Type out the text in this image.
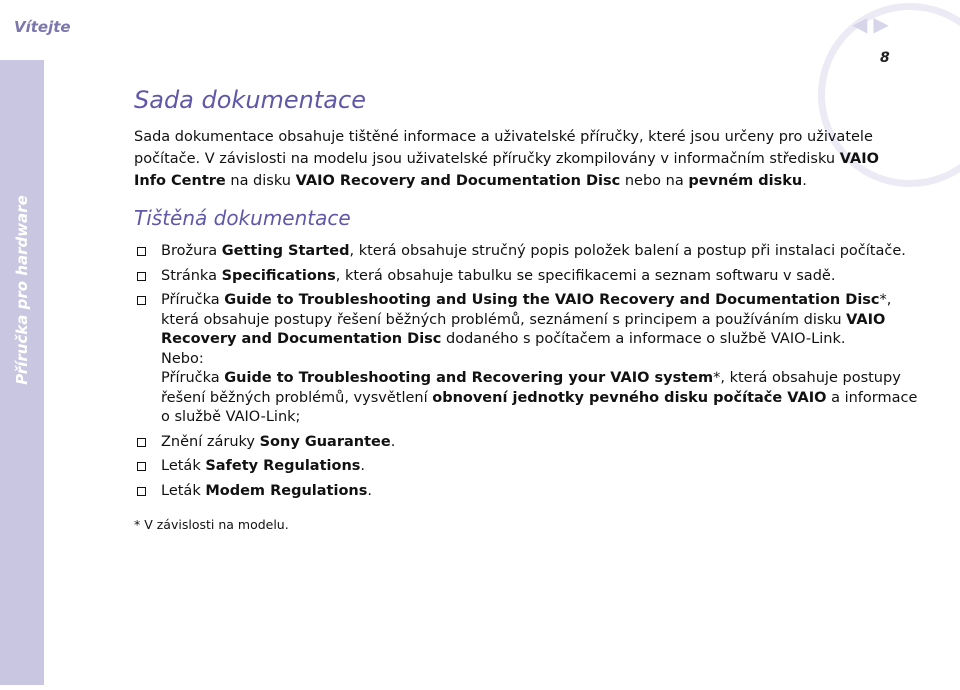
Vítejte
Příručka pro hardware
◀ ▶
8
Sada dokumentace

Sada dokumentace obsahuje tištěné informace a uživatelské příručky, které jsou určeny pro uživatele počítače. V závislosti na modelu jsou uživatelské příručky zkompilovány v informačním středisku VAIO Info Centre na disku VAIO Recovery and Documentation Disc nebo na pevném disku.

Tištěná dokumentace
Brožura Getting Started, která obsahuje stručný popis položek balení a postup při instalaci počítače.
Stránka Specifications, která obsahuje tabulku se specifikacemi a seznam softwaru v sadě.
Příručka Guide to Troubleshooting and Using the VAIO Recovery and Documentation Disc*, která obsahuje postupy řešení běžných problémů, seznámení s principem a používáním disku VAIO Recovery and Documentation Disc dodaného s počítačem a informace o službě VAIO-Link.
Nebo:
Příručka Guide to Troubleshooting and Recovering your VAIO system*, která obsahuje postupy řešení běžných problémů, vysvětlení obnovení jednotky pevného disku počítače VAIO a informace o službě VAIO-Link;
Znění záruky Sony Guarantee.
Leták Safety Regulations.
Leták Modem Regulations.
* V závislosti na modelu.
